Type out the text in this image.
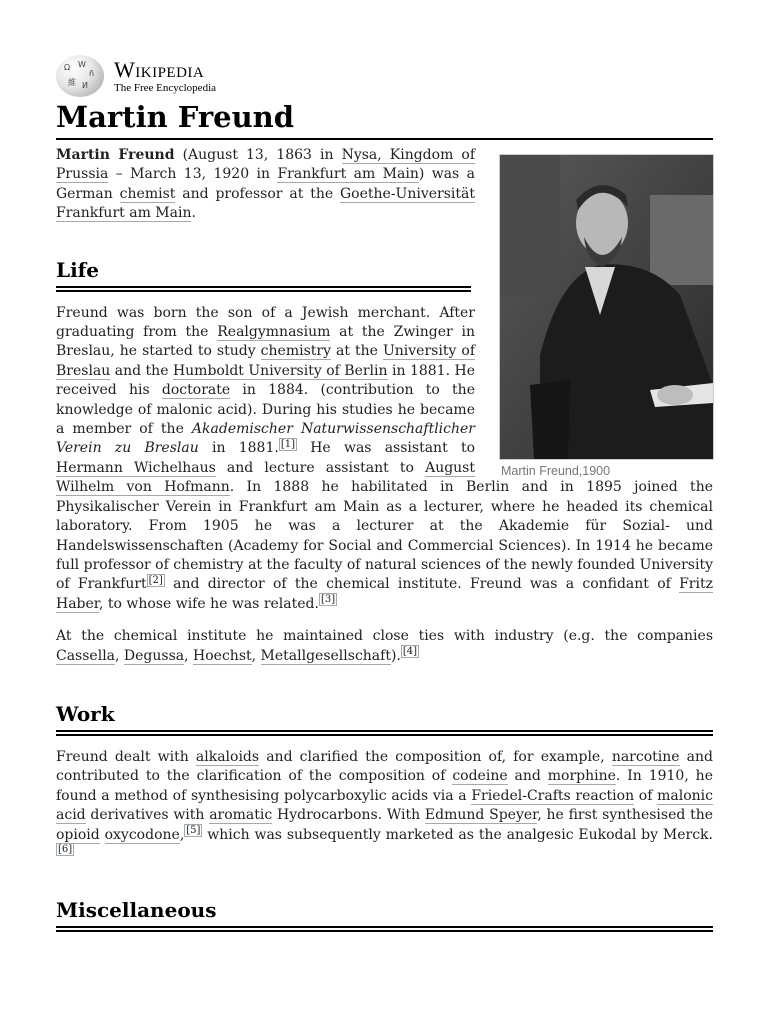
Ω W
ñ
維 И
Wikipedia
The Free Encyclopedia
Martin Freund
Martin Freund,1900

Martin Freund (August 13, 1863 in Nysa, Kingdom of Prussia – March 13, 1920 in Frankfurt am Main) was a German chemist and professor at the Goethe-Universität Frankfurt am Main.

Life

Freund was born the son of a Jewish merchant. After graduating from the Realgymnasium at the Zwinger in Breslau, he started to study chemistry at the University of Breslau and the Humboldt University of Berlin in 1881. He received his doctorate in 1884. (contribution to the knowledge of malonic acid). During his studies he became a member of the Akademischer Naturwissenschaftlicher Verein zu Breslau in 1881. [1] He was assistant to Hermann Wichelhaus and lecture assistant to August Wilhelm von Hofmann. In 1888 he habilitated in Berlin and in 1895 joined the Physikalischer Verein in Frankfurt am Main as a lecturer, where he headed its chemical laboratory. From 1905 he was a lecturer at the Akademie für Sozial- und Handelswissenschaften (Academy for Social and Commercial Sciences). In 1914 he became full professor of chemistry at the faculty of natural sciences of the newly founded University of Frankfurt [2] and director of the chemical institute. Freund was a confidant of Fritz Haber, to whose wife he was related. [3]

At the chemical institute he maintained close ties with industry (e.g. the companies Cassella, Degussa, Hoechst, Metallgesellschaft). [4]

Work

Freund dealt with alkaloids and clarified the composition of, for example, narcotine and contributed to the clarification of the composition of codeine and morphine. In 1910, he found a method of synthesising polycarboxylic acids via a Friedel-Crafts reaction of malonic acid derivatives with aromatic Hydrocarbons. With Edmund Speyer, he first synthesised the opioid oxycodone, [5] which was subsequently marketed as the analgesic Eukodal by Merck.[6]

Miscellaneous
